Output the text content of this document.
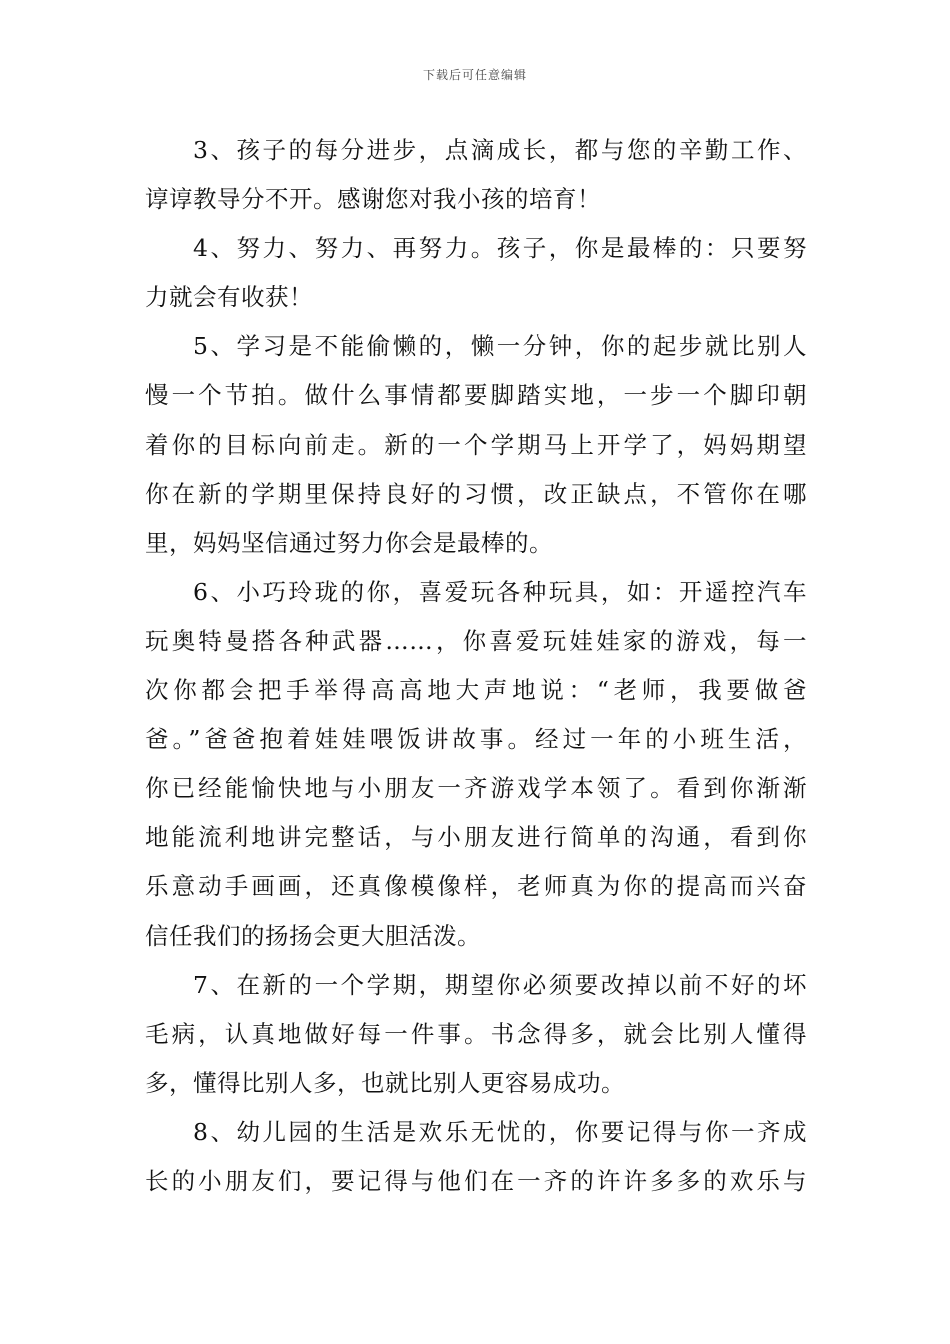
下载后可任意编辑
3、孩子的每分进步，点滴成长，都与您的辛勤工作、
谆谆教导分不开。感谢您对我小孩的培育！
4、努力、努力、再努力。孩子，你是最棒的：只要努
力就会有收获！
5、学习是不能偷懒的，懒一分钟，你的起步就比别人
慢一个节拍。做什么事情都要脚踏实地，一步一个脚印朝
着你的目标向前走。新的一个学期马上开学了，妈妈期望
你在新的学期里保持良好的习惯，改正缺点，不管你在哪
里，妈妈坚信通过努力你会是最棒的。
6、小巧玲珑的你，喜爱玩各种玩具，如：开遥控汽车
玩奥特曼搭各种武器……，你喜爱玩娃娃家的游戏，每一
次你都会把手举得高高地大声地说：“老师，我要做爸
爸。”爸爸抱着娃娃喂饭讲故事。经过一年的小班生活，
你已经能愉快地与小朋友一齐游戏学本领了。看到你渐渐
地能流利地讲完整话，与小朋友进行简单的沟通，看到你
乐意动手画画，还真像模像样，老师真为你的提高而兴奋
信任我们的扬扬会更大胆活泼。
7、在新的一个学期，期望你必须要改掉以前不好的坏
毛病，认真地做好每一件事。书念得多，就会比别人懂得
多，懂得比别人多，也就比别人更容易成功。
8、幼儿园的生活是欢乐无忧的，你要记得与你一齐成
长的小朋友们，要记得与他们在一齐的许许多多的欢乐与
